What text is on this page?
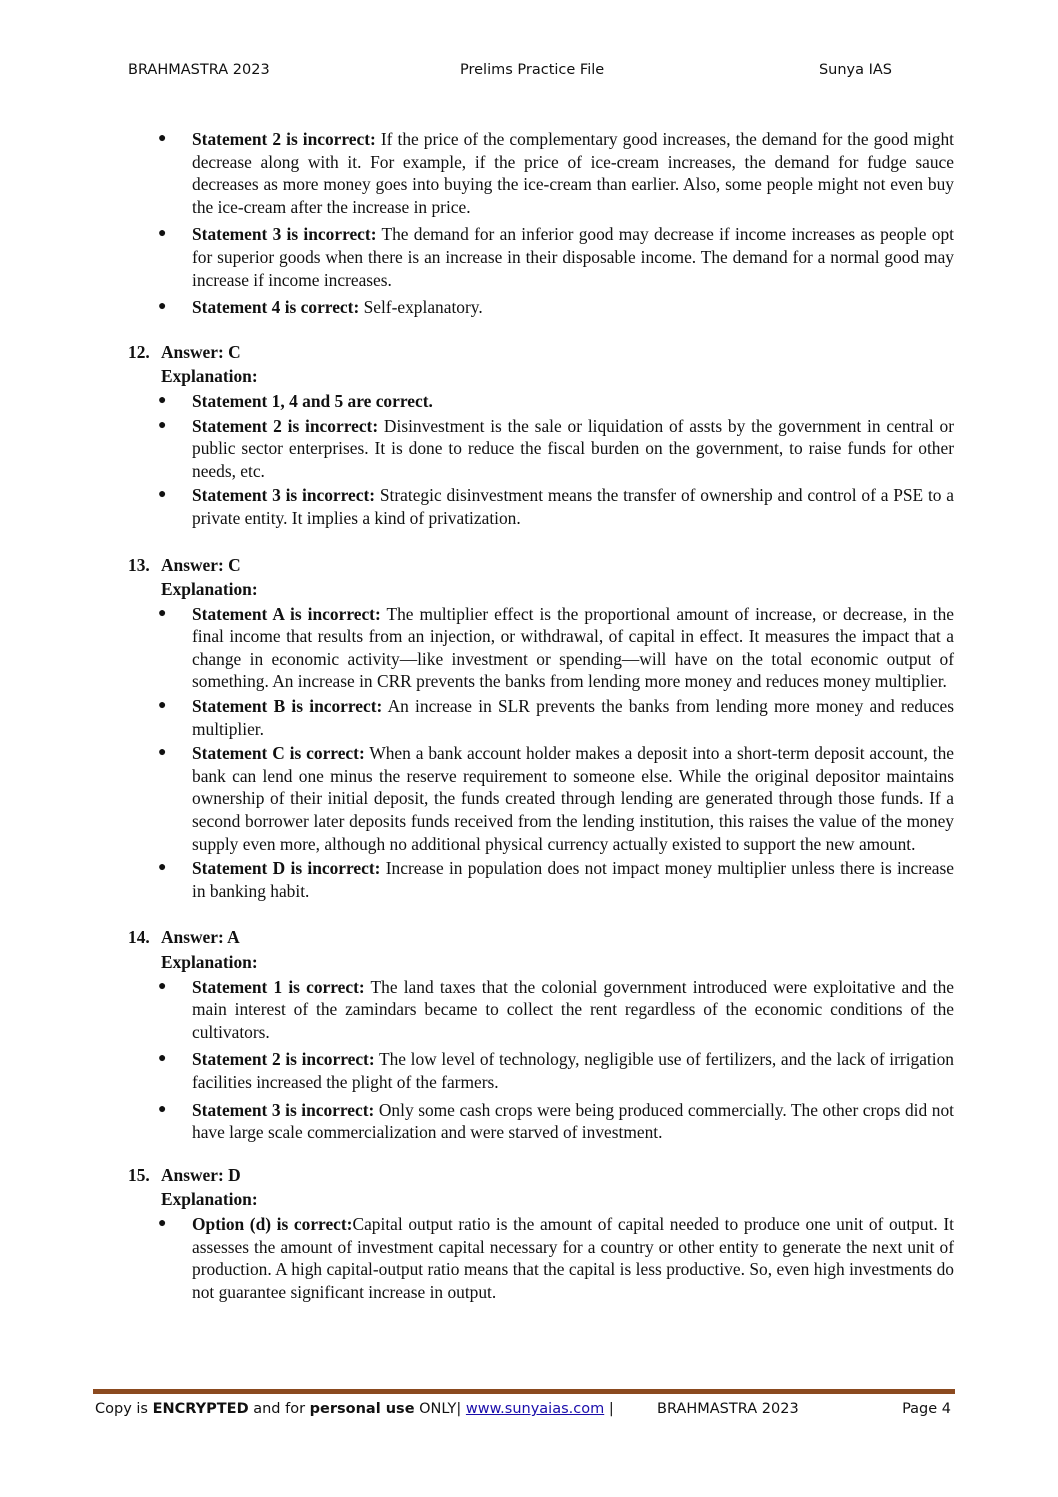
BRAHMASTRA 2023	Prelims Practice File	Sunya IAS
● Statement 2 is incorrect: If the price of the complementary good increases, the demand for the good might decrease along with it. For example, if the price of ice-cream increases, the demand for fudge sauce decreases as more money goes into buying the ice-cream than earlier. Also, some people might not even buy the ice-cream after the increase in price.
● Statement 3 is incorrect: The demand for an inferior good may decrease if income increases as people opt for superior goods when there is an increase in their disposable income. The demand for a normal good may increase if income increases.
● Statement 4 is correct: Self-explanatory.
12. Answer: C
Explanation:
● Statement 1, 4 and 5 are correct.
● Statement 2 is incorrect: Disinvestment is the sale or liquidation of assts by the government in central or public sector enterprises. It is done to reduce the fiscal burden on the government, to raise funds for other needs, etc.
● Statement 3 is incorrect: Strategic disinvestment means the transfer of ownership and control of a PSE to a private entity. It implies a kind of privatization.
13. Answer: C
Explanation:
● Statement A is incorrect: The multiplier effect is the proportional amount of increase, or decrease, in the final income that results from an injection, or withdrawal, of capital in effect. It measures the impact that a change in economic activity—like investment or spending—will have on the total economic output of something. An increase in CRR prevents the banks from lending more money and reduces money multiplier.
● Statement B is incorrect: An increase in SLR prevents the banks from lending more money and reduces multiplier.
● Statement C is correct: When a bank account holder makes a deposit into a short-term deposit account, the bank can lend one minus the reserve requirement to someone else. While the original depositor maintains ownership of their initial deposit, the funds created through lending are generated through those funds. If a second borrower later deposits funds received from the lending institution, this raises the value of the money supply even more, although no additional physical currency actually existed to support the new amount.
● Statement D is incorrect: Increase in population does not impact money multiplier unless there is increase in banking habit.
14. Answer: A
Explanation:
● Statement 1 is correct: The land taxes that the colonial government introduced were exploitative and the main interest of the zamindars became to collect the rent regardless of the economic conditions of the cultivators.
● Statement 2 is incorrect: The low level of technology, negligible use of fertilizers, and the lack of irrigation facilities increased the plight of the farmers.
● Statement 3 is incorrect: Only some cash crops were being produced commercially. The other crops did not have large scale commercialization and were starved of investment.
15. Answer: D
Explanation:
● Option (d) is correct:Capital output ratio is the amount of capital needed to produce one unit of output. It assesses the amount of investment capital necessary for a country or other entity to generate the next unit of production. A high capital-output ratio means that the capital is less productive. So, even high investments do not guarantee significant increase in output.
Copy is ENCRYPTED and for personal use ONLY| www.sunyaias.com |	BRAHMASTRA 2023	Page 4
